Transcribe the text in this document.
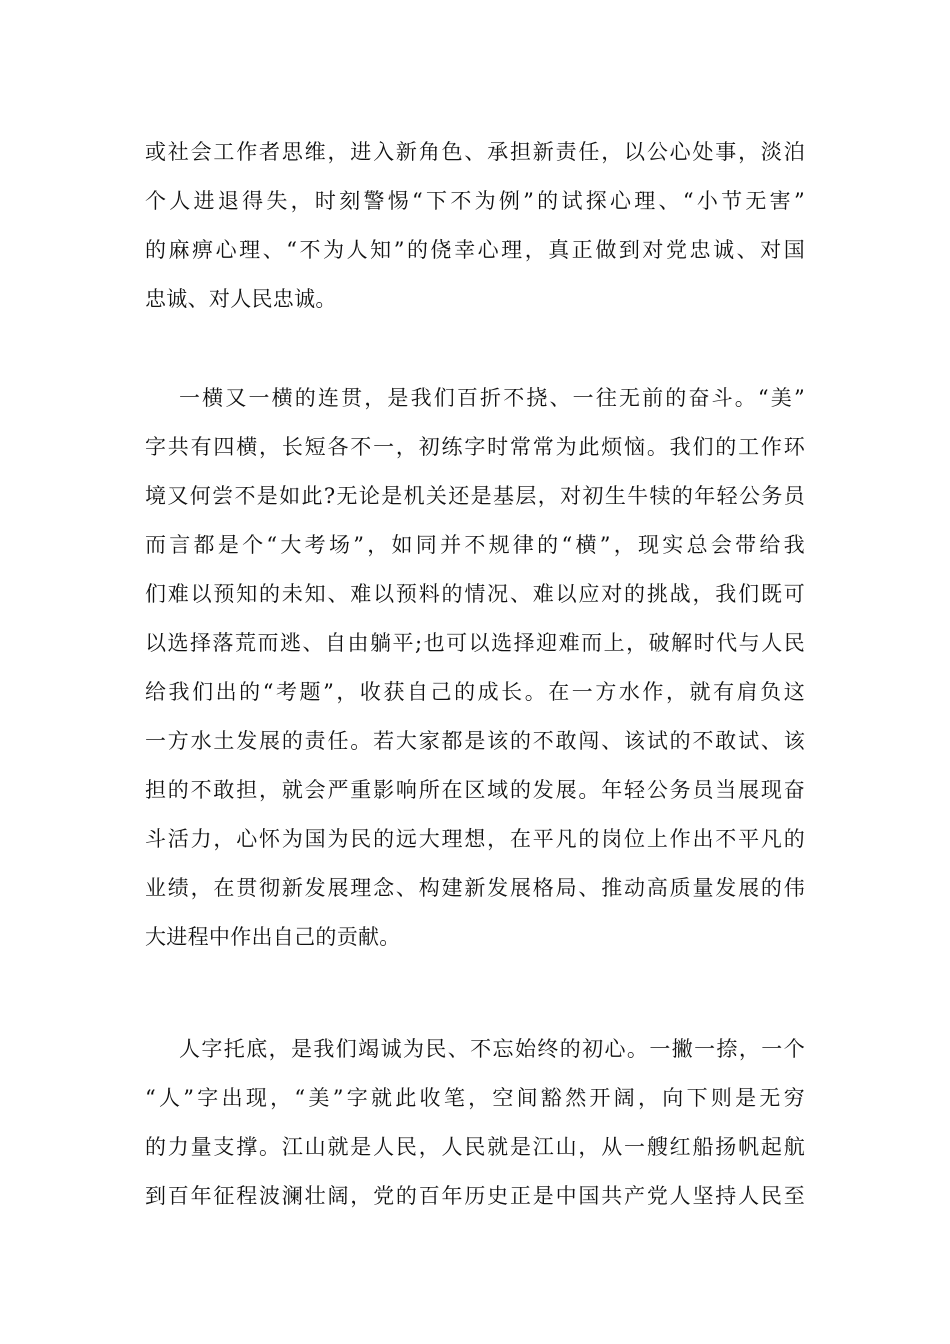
或社会工作者思维，进入新角色、承担新责任，以公心处事，淡泊
个人进退得失，时刻警惕“下不为例”的试探心理、“小节无害”
的麻痹心理、“不为人知”的侥幸心理，真正做到对党忠诚、对国
忠诚、对人民忠诚。
一横又一横的连贯，是我们百折不挠、一往无前的奋斗。“美”
字共有四横，长短各不一，初练字时常常为此烦恼。我们的工作环
境又何尝不是如此?无论是机关还是基层，对初生牛犊的年轻公务员
而言都是个“大考场”，如同并不规律的“横”，现实总会带给我
们难以预知的未知、难以预料的情况、难以应对的挑战，我们既可
以选择落荒而逃、自由躺平;也可以选择迎难而上，破解时代与人民
给我们出的“考题”，收获自己的成长。在一方水作，就有肩负这
一方水土发展的责任。若大家都是该的不敢闯、该试的不敢试、该
担的不敢担，就会严重影响所在区域的发展。年轻公务员当展现奋
斗活力，心怀为国为民的远大理想，在平凡的岗位上作出不平凡的
业绩，在贯彻新发展理念、构建新发展格局、推动高质量发展的伟
大进程中作出自己的贡献。
人字托底，是我们竭诚为民、不忘始终的初心。一撇一捺，一个
“人”字出现，“美”字就此收笔，空间豁然开阔，向下则是无穷
的力量支撑。江山就是人民，人民就是江山，从一艘红船扬帆起航
到百年征程波澜壮阔，党的百年历史正是中国共产党人坚持人民至
